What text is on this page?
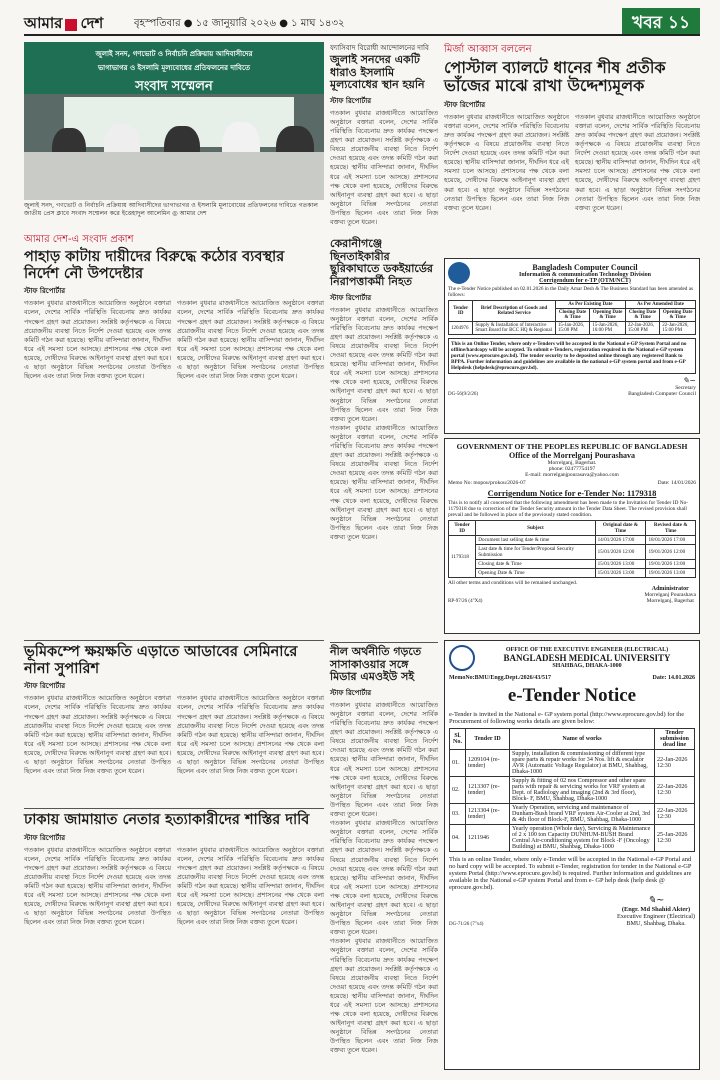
আমার দেশ	বৃহস্পতিবার ● ১৫ জানুয়ারি ২০২৬ ● ১ মাঘ ১৪৩২	খবর ১১
জুলাই সনদ, গণভোট ও নির্বাচনি প্রক্রিয়ায় আদিবাসীদের
ভাগাভাগর ও ইসলামি মূল্যবোধের প্রতিফলনের দাবিতে
সংবাদ সম্মেলন
জুলাই সনদ, গণভোট ও নির্বাচনি প্রক্রিয়ায় আদিবাসীদের ভাগাভাগর ও ইসলামি মূল্যবোধের প্রতিফলনের দাবিতে গতকাল জাতীয় প্রেস ক্লাবে সংবাদ সম্মেলন করে ইত্তেহাদুল আলেমিন ◎ আমার দেশ
আমার দেশ-এ সংবাদ প্রকাশ
পাহাড় কাটায় দায়ীদের বিরুদ্ধে কঠোর ব্যবস্থার নির্দেশ নৌ উপদেষ্টার
স্টাফ রিপোর্টার
গতকাল বুধবার রাজধানীতে আয়োজিত অনুষ্ঠানে বক্তারা বলেন, দেশের সার্বিক পরিস্থিতি বিবেচনায় দ্রুত কার্যকর পদক্ষেপ গ্রহণ করা প্রয়োজন। সংশ্লিষ্ট কর্তৃপক্ষকে এ বিষয়ে প্রয়োজনীয় ব্যবস্থা নিতে নির্দেশ দেওয়া হয়েছে এবং তদন্ত কমিটি গঠন করা হয়েছে। স্থানীয় বাসিন্দারা জানান, দীর্ঘদিন ধরে এই সমস্যা চলে আসছে। প্রশাসনের পক্ষ থেকে বলা হয়েছে, দোষীদের বিরুদ্ধে আইনানুগ ব্যবস্থা গ্রহণ করা হবে। এ ছাড়া অনুষ্ঠানে বিভিন্ন সংগঠনের নেতারা উপস্থিত ছিলেন এবং তারা নিজ নিজ বক্তব্য তুলে ধরেন।
গতকাল বুধবার রাজধানীতে আয়োজিত অনুষ্ঠানে বক্তারা বলেন, দেশের সার্বিক পরিস্থিতি বিবেচনায় দ্রুত কার্যকর পদক্ষেপ গ্রহণ করা প্রয়োজন। সংশ্লিষ্ট কর্তৃপক্ষকে এ বিষয়ে প্রয়োজনীয় ব্যবস্থা নিতে নির্দেশ দেওয়া হয়েছে এবং তদন্ত কমিটি গঠন করা হয়েছে। স্থানীয় বাসিন্দারা জানান, দীর্ঘদিন ধরে এই সমস্যা চলে আসছে। প্রশাসনের পক্ষ থেকে বলা হয়েছে, দোষীদের বিরুদ্ধে আইনানুগ ব্যবস্থা গ্রহণ করা হবে। এ ছাড়া অনুষ্ঠানে বিভিন্ন সংগঠনের নেতারা উপস্থিত ছিলেন এবং তারা নিজ নিজ বক্তব্য তুলে ধরেন।
কেরানীগঞ্জে ছিনতাইকারীর ছুরিকাঘাতে ডকইয়ার্ডের নিরাপত্তাকর্মী নিহত
স্টাফ রিপোর্টার
গতকাল বুধবার রাজধানীতে আয়োজিত অনুষ্ঠানে বক্তারা বলেন, দেশের সার্বিক পরিস্থিতি বিবেচনায় দ্রুত কার্যকর পদক্ষেপ গ্রহণ করা প্রয়োজন। সংশ্লিষ্ট কর্তৃপক্ষকে এ বিষয়ে প্রয়োজনীয় ব্যবস্থা নিতে নির্দেশ দেওয়া হয়েছে এবং তদন্ত কমিটি গঠন করা হয়েছে। স্থানীয় বাসিন্দারা জানান, দীর্ঘদিন ধরে এই সমস্যা চলে আসছে। প্রশাসনের পক্ষ থেকে বলা হয়েছে, দোষীদের বিরুদ্ধে আইনানুগ ব্যবস্থা গ্রহণ করা হবে। এ ছাড়া অনুষ্ঠানে বিভিন্ন সংগঠনের নেতারা উপস্থিত ছিলেন এবং তারা নিজ নিজ বক্তব্য তুলে ধরেন।
গতকাল বুধবার রাজধানীতে আয়োজিত অনুষ্ঠানে বক্তারা বলেন, দেশের সার্বিক পরিস্থিতি বিবেচনায় দ্রুত কার্যকর পদক্ষেপ গ্রহণ করা প্রয়োজন। সংশ্লিষ্ট কর্তৃপক্ষকে এ বিষয়ে প্রয়োজনীয় ব্যবস্থা নিতে নির্দেশ দেওয়া হয়েছে এবং তদন্ত কমিটি গঠন করা হয়েছে। স্থানীয় বাসিন্দারা জানান, দীর্ঘদিন ধরে এই সমস্যা চলে আসছে। প্রশাসনের পক্ষ থেকে বলা হয়েছে, দোষীদের বিরুদ্ধে আইনানুগ ব্যবস্থা গ্রহণ করা হবে। এ ছাড়া অনুষ্ঠানে বিভিন্ন সংগঠনের নেতারা উপস্থিত ছিলেন এবং তারা নিজ নিজ বক্তব্য তুলে ধরেন।
ভূমিকম্পে ক্ষয়ক্ষতি এড়াতে আডাবের সেমিনারে নানা সুপারিশ
স্টাফ রিপোর্টার
গতকাল বুধবার রাজধানীতে আয়োজিত অনুষ্ঠানে বক্তারা বলেন, দেশের সার্বিক পরিস্থিতি বিবেচনায় দ্রুত কার্যকর পদক্ষেপ গ্রহণ করা প্রয়োজন। সংশ্লিষ্ট কর্তৃপক্ষকে এ বিষয়ে প্রয়োজনীয় ব্যবস্থা নিতে নির্দেশ দেওয়া হয়েছে এবং তদন্ত কমিটি গঠন করা হয়েছে। স্থানীয় বাসিন্দারা জানান, দীর্ঘদিন ধরে এই সমস্যা চলে আসছে। প্রশাসনের পক্ষ থেকে বলা হয়েছে, দোষীদের বিরুদ্ধে আইনানুগ ব্যবস্থা গ্রহণ করা হবে। এ ছাড়া অনুষ্ঠানে বিভিন্ন সংগঠনের নেতারা উপস্থিত ছিলেন এবং তারা নিজ নিজ বক্তব্য তুলে ধরেন।
গতকাল বুধবার রাজধানীতে আয়োজিত অনুষ্ঠানে বক্তারা বলেন, দেশের সার্বিক পরিস্থিতি বিবেচনায় দ্রুত কার্যকর পদক্ষেপ গ্রহণ করা প্রয়োজন। সংশ্লিষ্ট কর্তৃপক্ষকে এ বিষয়ে প্রয়োজনীয় ব্যবস্থা নিতে নির্দেশ দেওয়া হয়েছে এবং তদন্ত কমিটি গঠন করা হয়েছে। স্থানীয় বাসিন্দারা জানান, দীর্ঘদিন ধরে এই সমস্যা চলে আসছে। প্রশাসনের পক্ষ থেকে বলা হয়েছে, দোষীদের বিরুদ্ধে আইনানুগ ব্যবস্থা গ্রহণ করা হবে। এ ছাড়া অনুষ্ঠানে বিভিন্ন সংগঠনের নেতারা উপস্থিত ছিলেন এবং তারা নিজ নিজ বক্তব্য তুলে ধরেন।
নীল অর্থনীতি গড়তে সাসাকাওয়ার সঙ্গে মিডার এমওইউ সই
স্টাফ রিপোর্টার
গতকাল বুধবার রাজধানীতে আয়োজিত অনুষ্ঠানে বক্তারা বলেন, দেশের সার্বিক পরিস্থিতি বিবেচনায় দ্রুত কার্যকর পদক্ষেপ গ্রহণ করা প্রয়োজন। সংশ্লিষ্ট কর্তৃপক্ষকে এ বিষয়ে প্রয়োজনীয় ব্যবস্থা নিতে নির্দেশ দেওয়া হয়েছে এবং তদন্ত কমিটি গঠন করা হয়েছে। স্থানীয় বাসিন্দারা জানান, দীর্ঘদিন ধরে এই সমস্যা চলে আসছে। প্রশাসনের পক্ষ থেকে বলা হয়েছে, দোষীদের বিরুদ্ধে আইনানুগ ব্যবস্থা গ্রহণ করা হবে। এ ছাড়া অনুষ্ঠানে বিভিন্ন সংগঠনের নেতারা উপস্থিত ছিলেন এবং তারা নিজ নিজ বক্তব্য তুলে ধরেন।
গতকাল বুধবার রাজধানীতে আয়োজিত অনুষ্ঠানে বক্তারা বলেন, দেশের সার্বিক পরিস্থিতি বিবেচনায় দ্রুত কার্যকর পদক্ষেপ গ্রহণ করা প্রয়োজন। সংশ্লিষ্ট কর্তৃপক্ষকে এ বিষয়ে প্রয়োজনীয় ব্যবস্থা নিতে নির্দেশ দেওয়া হয়েছে এবং তদন্ত কমিটি গঠন করা হয়েছে। স্থানীয় বাসিন্দারা জানান, দীর্ঘদিন ধরে এই সমস্যা চলে আসছে। প্রশাসনের পক্ষ থেকে বলা হয়েছে, দোষীদের বিরুদ্ধে আইনানুগ ব্যবস্থা গ্রহণ করা হবে। এ ছাড়া অনুষ্ঠানে বিভিন্ন সংগঠনের নেতারা উপস্থিত ছিলেন এবং তারা নিজ নিজ বক্তব্য তুলে ধরেন।
গতকাল বুধবার রাজধানীতে আয়োজিত অনুষ্ঠানে বক্তারা বলেন, দেশের সার্বিক পরিস্থিতি বিবেচনায় দ্রুত কার্যকর পদক্ষেপ গ্রহণ করা প্রয়োজন। সংশ্লিষ্ট কর্তৃপক্ষকে এ বিষয়ে প্রয়োজনীয় ব্যবস্থা নিতে নির্দেশ দেওয়া হয়েছে এবং তদন্ত কমিটি গঠন করা হয়েছে। স্থানীয় বাসিন্দারা জানান, দীর্ঘদিন ধরে এই সমস্যা চলে আসছে। প্রশাসনের পক্ষ থেকে বলা হয়েছে, দোষীদের বিরুদ্ধে আইনানুগ ব্যবস্থা গ্রহণ করা হবে। এ ছাড়া অনুষ্ঠানে বিভিন্ন সংগঠনের নেতারা উপস্থিত ছিলেন এবং তারা নিজ নিজ বক্তব্য তুলে ধরেন।
ঢাকায় জামায়াত নেতার হত্যাকারীদের শাস্তির দাবি
স্টাফ রিপোর্টার
গতকাল বুধবার রাজধানীতে আয়োজিত অনুষ্ঠানে বক্তারা বলেন, দেশের সার্বিক পরিস্থিতি বিবেচনায় দ্রুত কার্যকর পদক্ষেপ গ্রহণ করা প্রয়োজন। সংশ্লিষ্ট কর্তৃপক্ষকে এ বিষয়ে প্রয়োজনীয় ব্যবস্থা নিতে নির্দেশ দেওয়া হয়েছে এবং তদন্ত কমিটি গঠন করা হয়েছে। স্থানীয় বাসিন্দারা জানান, দীর্ঘদিন ধরে এই সমস্যা চলে আসছে। প্রশাসনের পক্ষ থেকে বলা হয়েছে, দোষীদের বিরুদ্ধে আইনানুগ ব্যবস্থা গ্রহণ করা হবে। এ ছাড়া অনুষ্ঠানে বিভিন্ন সংগঠনের নেতারা উপস্থিত ছিলেন এবং তারা নিজ নিজ বক্তব্য তুলে ধরেন।
গতকাল বুধবার রাজধানীতে আয়োজিত অনুষ্ঠানে বক্তারা বলেন, দেশের সার্বিক পরিস্থিতি বিবেচনায় দ্রুত কার্যকর পদক্ষেপ গ্রহণ করা প্রয়োজন। সংশ্লিষ্ট কর্তৃপক্ষকে এ বিষয়ে প্রয়োজনীয় ব্যবস্থা নিতে নির্দেশ দেওয়া হয়েছে এবং তদন্ত কমিটি গঠন করা হয়েছে। স্থানীয় বাসিন্দারা জানান, দীর্ঘদিন ধরে এই সমস্যা চলে আসছে। প্রশাসনের পক্ষ থেকে বলা হয়েছে, দোষীদের বিরুদ্ধে আইনানুগ ব্যবস্থা গ্রহণ করা হবে। এ ছাড়া অনুষ্ঠানে বিভিন্ন সংগঠনের নেতারা উপস্থিত ছিলেন এবং তারা নিজ নিজ বক্তব্য তুলে ধরেন।
ফ্যাসিবাদ বিরোধী আন্দোলনের দাবি
জুলাই সনদের একটি ধারাও ইসলামি মূল্যবোধের স্থান হয়নি
স্টাফ রিপোর্টার
গতকাল বুধবার রাজধানীতে আয়োজিত অনুষ্ঠানে বক্তারা বলেন, দেশের সার্বিক পরিস্থিতি বিবেচনায় দ্রুত কার্যকর পদক্ষেপ গ্রহণ করা প্রয়োজন। সংশ্লিষ্ট কর্তৃপক্ষকে এ বিষয়ে প্রয়োজনীয় ব্যবস্থা নিতে নির্দেশ দেওয়া হয়েছে এবং তদন্ত কমিটি গঠন করা হয়েছে। স্থানীয় বাসিন্দারা জানান, দীর্ঘদিন ধরে এই সমস্যা চলে আসছে। প্রশাসনের পক্ষ থেকে বলা হয়েছে, দোষীদের বিরুদ্ধে আইনানুগ ব্যবস্থা গ্রহণ করা হবে। এ ছাড়া অনুষ্ঠানে বিভিন্ন সংগঠনের নেতারা উপস্থিত ছিলেন এবং তারা নিজ নিজ বক্তব্য তুলে ধরেন।
মির্জা আব্বাস বললেন
পোস্টাল ব্যালটে ধানের শীষ প্রতীক ভাঁজের মাঝে রাখা উদ্দেশ্যমূলক
স্টাফ রিপোর্টার
গতকাল বুধবার রাজধানীতে আয়োজিত অনুষ্ঠানে বক্তারা বলেন, দেশের সার্বিক পরিস্থিতি বিবেচনায় দ্রুত কার্যকর পদক্ষেপ গ্রহণ করা প্রয়োজন। সংশ্লিষ্ট কর্তৃপক্ষকে এ বিষয়ে প্রয়োজনীয় ব্যবস্থা নিতে নির্দেশ দেওয়া হয়েছে এবং তদন্ত কমিটি গঠন করা হয়েছে। স্থানীয় বাসিন্দারা জানান, দীর্ঘদিন ধরে এই সমস্যা চলে আসছে। প্রশাসনের পক্ষ থেকে বলা হয়েছে, দোষীদের বিরুদ্ধে আইনানুগ ব্যবস্থা গ্রহণ করা হবে। এ ছাড়া অনুষ্ঠানে বিভিন্ন সংগঠনের নেতারা উপস্থিত ছিলেন এবং তারা নিজ নিজ বক্তব্য তুলে ধরেন।
গতকাল বুধবার রাজধানীতে আয়োজিত অনুষ্ঠানে বক্তারা বলেন, দেশের সার্বিক পরিস্থিতি বিবেচনায় দ্রুত কার্যকর পদক্ষেপ গ্রহণ করা প্রয়োজন। সংশ্লিষ্ট কর্তৃপক্ষকে এ বিষয়ে প্রয়োজনীয় ব্যবস্থা নিতে নির্দেশ দেওয়া হয়েছে এবং তদন্ত কমিটি গঠন করা হয়েছে। স্থানীয় বাসিন্দারা জানান, দীর্ঘদিন ধরে এই সমস্যা চলে আসছে। প্রশাসনের পক্ষ থেকে বলা হয়েছে, দোষীদের বিরুদ্ধে আইনানুগ ব্যবস্থা গ্রহণ করা হবে। এ ছাড়া অনুষ্ঠানে বিভিন্ন সংগঠনের নেতারা উপস্থিত ছিলেন এবং তারা নিজ নিজ বক্তব্য তুলে ধরেন।
Bangladesh Computer Council
Information & communication Technology Division
Corrigendum for e-TP (OTM/NCT)
The e-Tender Notice published on 02.01.2026 in the Daily Amar Desh & The Business Standard has been amended as follows:
Tender ID	Brief Description of Goods and Related Service	As Per Existing Date		As Per Amended Date	
		Closing Date & Time	Opening Date & Time	Closing Date & Time	Opening Date & Time
1204976	Supply & Installation of Interactive Smart Board for BCC HQ & Regional	15-Jan-2026, 15:00 PM	15-Jan-2026, 16:00 PM	22-Jan-2026, 15:00 PM	22-Jan-2026, 15:00 PM
This is an Online Tender, where only e-Tenders will be accepted in the National e-GP System Portal and no offline/hardcopy will be accepted. To submit e-Tenders, registration required in the National e-GP system portal (www.eprocure.gov.bd). The tender security to be deposited online through any registered Bank to BPPA. Further information and guidelines are available in the national e-GP system portal and from e-GP Helpdesk (helpdesk@eprocure.gov.bd).
DG-56(9/2/26)
✎~
Secretary
Bangladesh Computer Council
GOVERNMENT OF THE PEOPLES REPUBLIC OF BANGLADESH
Office of the Morrelganj Pourashava
Morrelganj, Bagerhat.
phone: 02477754197
E-mail: morrelganjpourasava@yahoo.com
Memo No: mopou/prokou/2026-07	Date: 14/01/2026
Corrigendum Notice for e-Tender No: 1179318
This is to notify all concerned that the following amendment has been made to the Invitation for Tender ID No- 1179318 due to correction of the Tender Security amount in the Tender Data Sheet. The revised provision shall prevail and be followed in place of the previously stated condition.
Tender ID	Subject	Original date & Time	Revised date & Time
1179318	Document last selling date & time	14/01/2026 17:00	18/01/2026 17:00
	Last date & time for Tender/Proposal Security Submission	15/01/2026 12:00	19/01/2026 12:00
	Closing date & Time	15/01/2026 13:00	19/01/2026 13:00
	Opening Date & Time	15/01/2026 13:00	19/01/2026 13:00
All other terms and conditions will be remained unchanged.
RP-97/26 (4"X4)
Administrator
Morrelganj Pourashava
Morrelganj, Bagerhat
OFFICE OF THE EXECUTIVE ENGINEER (ELECTRICAL)
BANGLADESH MEDICAL UNIVERSITY
SHAHBAG, DHAKA-1000
MemoNo:BMU/Engg.Dept./2026/43/517	Date: 14.01.2026
e-Tender Notice
e-Tender is invited in the National e- GP system portal (http://www.eprocure.gov.bd) for the Procurement of following works details are given below:
Sl. No.	Tender ID	Name of works	Tender submission dead line
01.	1209104 (re-tender)	Supply, installation & commissioning of different type spare parts & repair works for 34 Nos. lift & escalator AVR (Automatic Voltage Regulator) at BMU, Shahbag, Dhaka-1000	22-Jan-2026 12:30
02.	1213307 (re-tender)	Supply & fitting of 02 nos Compressor and other spare parts with repair & servicing works for VRF system at Dept. of Radiology and imaging (2nd & 3rd floor), Block- F, BMU, Shahbag, Dhaka-1000	22-Jan-2026 12:30
03.	1213304 (re-tender)	Yearly Operation, servicing and maintenance of Dunham-Bush brand VRF system Air-Cooler at 2nd, 3rd & 4th floor of Block-F, BMU, Shahbag, Dhaka-1000	22-Jan-2026 12:30
04.	1211946	Yearly operation (Whole day), Servicing & Maintenance of 2 x 100 ton Capacity DUNHUM-BUSH Brand Central Air-conditioning system for Block -F (Oncology Building) at BMU, Shahbag, Dhaka-1000	25-Jan-2026 12:30
This is an online Tender, where only e-Tender will be accepted in the National e-GP Portal and no hard copy will be accepted. To submit e-Tender, registration for tender in the National e-GP system Portal (http://www.eprocure.gov.bd) is required. Further information and guidelines are available in the National e-GP system Portal and from e- GP help desk (help desk @ eprocure.gov.bd).
DG-71/26 (7"x4)
✎~
(Engr. Md Shahid Akter)
Executive Engineer (Electrical)
BMU, Shahbag, Dhaka.
